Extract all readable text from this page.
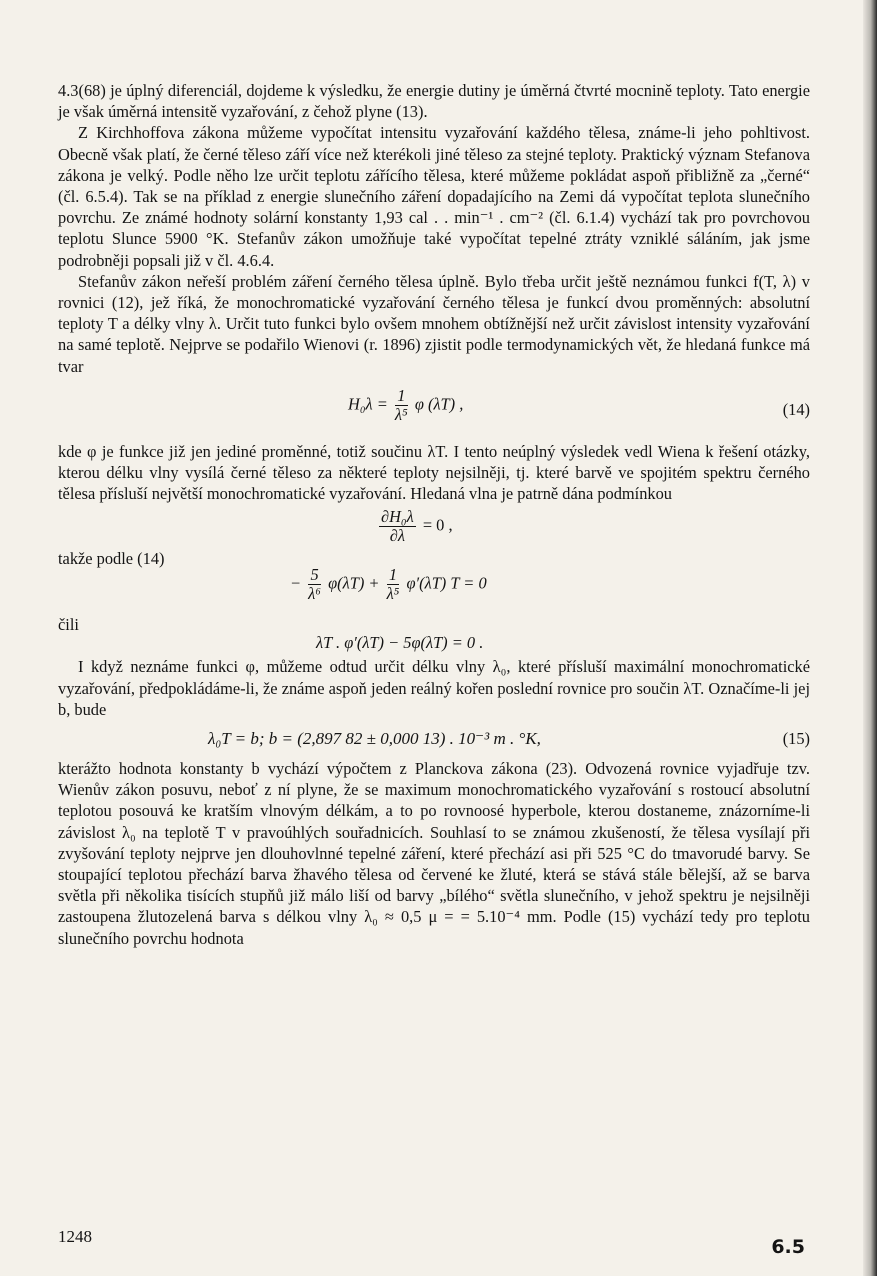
4.3(68) je úplný diferenciál, dojdeme k výsledku, že energie dutiny je úměrná čtvrté mocnině teploty. Tato energie je však úměrná intensitě vyzařování, z čehož plyne (13).

Z Kirchhoffova zákona můžeme vypočítat intensitu vyzařování každého tělesa, známe-li jeho pohltivost. Obecně však platí, že černé těleso září více než kterékoli jiné těleso za stejné teploty. Praktický význam Stefanova zákona je velký. Podle něho lze určit teplotu zářícího tělesa, které můžeme pokládat aspoň přibližně za „černé“ (čl. 6.5.4). Tak se na příklad z energie slunečního záření dopadajícího na Zemi dá vypočítat teplota slunečního povrchu. Ze známé hodnoty solární konstanty 1,93 cal . . min⁻¹ . cm⁻² (čl. 6.1.4) vychází tak pro povrchovou teplotu Slunce 5900 °K. Stefanův zákon umožňuje také vypočítat tepelné ztráty vzniklé sáláním, jak jsme podrobněji popsali již v čl. 4.6.4.

Stefanův zákon neřeší problém záření černého tělesa úplně. Bylo třeba určit ještě neznámou funkci f(T, λ) v rovnici (12), jež říká, že monochromatické vyzařování černého tělesa je funkcí dvou proměnných: absolutní teploty T a délky vlny λ. Určit tuto funkci bylo ovšem mnohem obtížnější než určit závislost intensity vyzařování na samé teplotě. Nejprve se podařilo Wienovi (r. 1896) zjistit podle termodynamických vět, že hledaná funkce má tvar

$H_0\lambda = \frac{1}{\text{λ⁵}}$ φ (λT) ,	(14)

kde φ je funkce již jen jediné proměnné, totiž součinu λT. I tento neúplný výsledek vedl Wiena k řešení otázky, kterou délku vlny vysílá černé těleso za některé teploty nejsilněji, tj. které barvě ve spojitém spektru černého tělesa přísluší největší monochromatické vyzařování. Hledaná vlna je patrně dána podmínkou

$\frac{\text{∂H₀λ}}{\partial\lambda} = 0$ ,
takže podle (14)
− $\frac{5}{\text{λ⁶}} \varphi(\lambda T) + \frac{1}{\text{λ⁵}} \varphi'(\lambda T) T = 0$
čili
λT . φ′(λT) − 5φ(λT) = 0 .

I když neznáme funkci φ, můžeme odtud určit délku vlny λ₀, které přísluší maximální monochromatické vyzařování, předpokládáme-li, že známe aspoň jeden reálný kořen poslední rovnice pro součin λT. Označíme-li jej b, bude

λ₀T = b; b = (2,897 82 ± 0,000 13) . 10⁻³ m . °K,	(15)

kterážto hodnota konstanty b vychází výpočtem z Planckova zákona (23). Odvozená rovnice vyjadřuje tzv. Wienův zákon posuvu, neboť z ní plyne, že se maximum monochromatického vyzařování s rostoucí absolutní teplotou posouvá ke kratším vlnovým délkám, a to po rovnoosé hyperbole, kterou dostaneme, znázorníme-li závislost λ₀ na teplotě T v pravoúhlých souřadnicích. Souhlasí to se známou zkušeností, že tělesa vysílají při zvyšování teploty nejprve jen dlouhovlnné tepelné záření, které přechází asi při 525 °C do tmavorudé barvy. Se stoupající teplotou přechází barva žhavého tělesa od červené ke žluté, která se stává stále bělejší, až se barva světla při několika tisících stupňů již málo liší od barvy „bílého“ světla slunečního, v jehož spektru je nejsilněji zastoupena žlutozelená barva s délkou vlny λ₀ ≈ 0,5 μ = = 5.10⁻⁴ mm. Podle (15) vychází tedy pro teplotu slunečního povrchu hodnota

1248	6.5
